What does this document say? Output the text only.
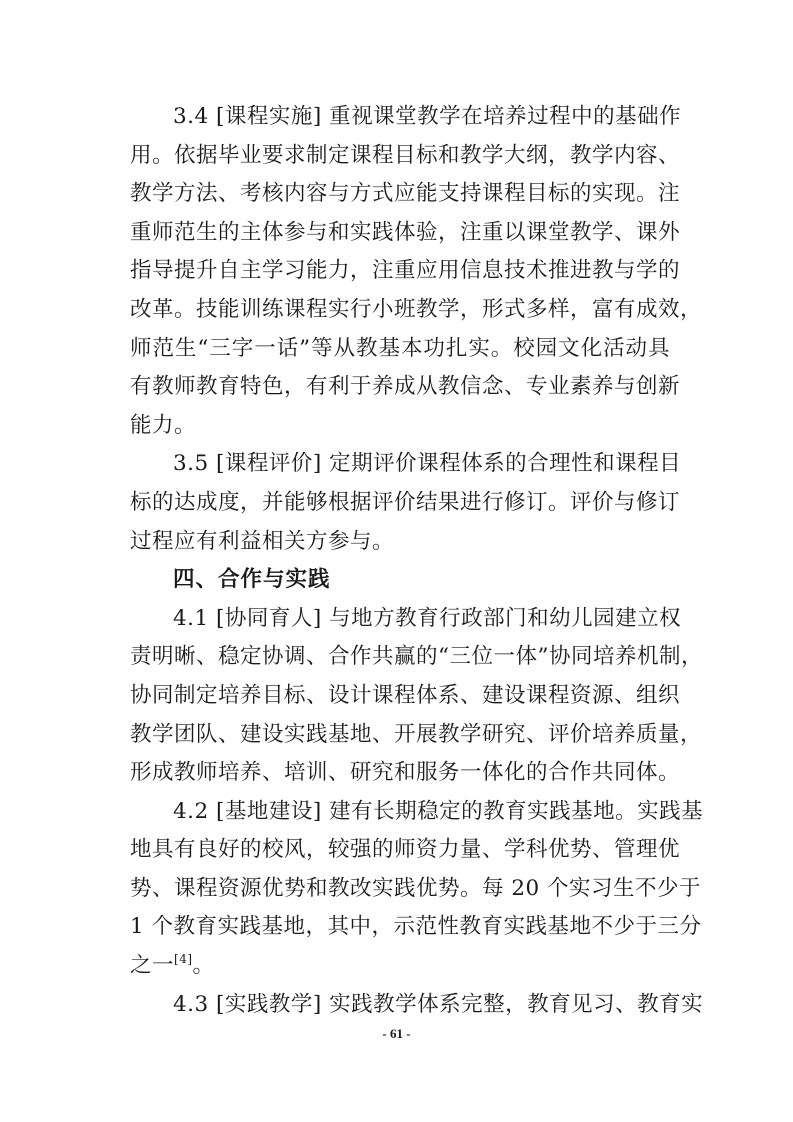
3.4 [课程实施] 重视课堂教学在培养过程中的基础作
用。依据毕业要求制定课程目标和教学大纲，教学内容、
教学方法、考核内容与方式应能支持课程目标的实现。注
重师范生的主体参与和实践体验，注重以课堂教学、课外
指导提升自主学习能力，注重应用信息技术推进教与学的
改革。技能训练课程实行小班教学，形式多样，富有成效，
师范生“三字一话”等从教基本功扎实。校园文化活动具
有教师教育特色，有利于养成从教信念、专业素养与创新
能力。
3.5 [课程评价] 定期评价课程体系的合理性和课程目
标的达成度，并能够根据评价结果进行修订。评价与修订
过程应有利益相关方参与。
四、合作与实践
4.1 [协同育人] 与地方教育行政部门和幼儿园建立权
责明晰、稳定协调、合作共赢的“三位一体”协同培养机制，
协同制定培养目标、设计课程体系、建设课程资源、组织
教学团队、建设实践基地、开展教学研究、评价培养质量，
形成教师培养、培训、研究和服务一体化的合作共同体。
4.2 [基地建设] 建有长期稳定的教育实践基地。实践基
地具有良好的校风，较强的师资力量、学科优势、管理优
势、课程资源优势和教改实践优势。每 20 个实习生不少于
1 个教育实践基地，其中，示范性教育实践基地不少于三分
之一[4]。
4.3 [实践教学] 实践教学体系完整，教育见习、教育实
- 61 -
